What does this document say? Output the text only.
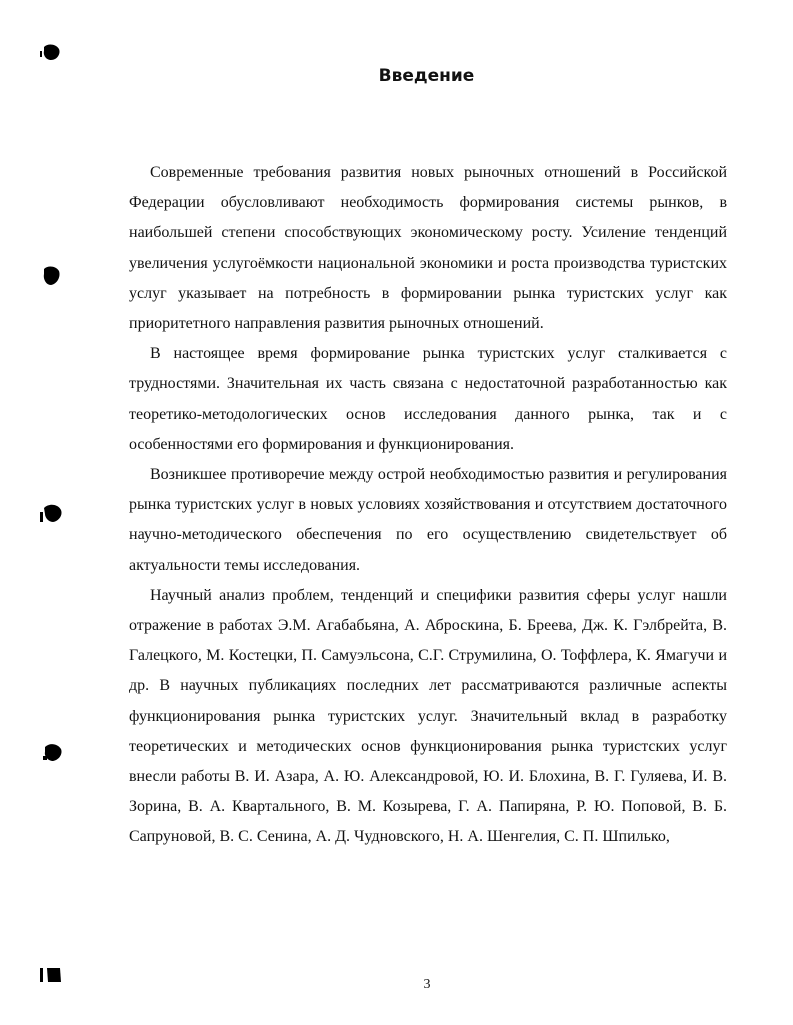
Введение

Современные требования развития новых рыночных отношений в Российской Федерации обусловливают необходимость формирования системы рынков, в наибольшей степени способствующих экономическому росту. Усиление тенденций увеличения услугоёмкости национальной экономики и роста производства туристских услуг указывает на потребность в формировании рынка туристских услуг как приоритетного направления развития рыночных отношений.

В настоящее время формирование рынка туристских услуг сталкивается с трудностями. Значительная их часть связана с недостаточной разработанностью как теоретико-методологических основ исследования данного рынка, так и с особенностями его формирования и функционирования.

Возникшее противоречие между острой необходимостью развития и регулирования рынка туристских услуг в новых условиях хозяйствования и отсутствием достаточного научно-методического обеспечения по его осуществлению свидетельствует об актуальности темы исследования.

Научный анализ проблем, тенденций и специфики развития сферы услуг нашли отражение в работах Э.М. Агабабьяна, А. Аброскина, Б. Бреева, Дж. К. Гэлбрейта, В. Галецкого, М. Костецки, П. Самуэльсона, С.Г. Струмилина, О. Тоффлера, К. Ямагучи и др. В научных публикациях последних лет рассматриваются различные аспекты функционирования рынка туристских услуг. Значительный вклад в разработку теоретических и методических основ функционирования рынка туристских услуг внесли работы В. И. Азара, А. Ю. Александровой, Ю. И. Блохина, В. Г. Гуляева, И. В. Зорина, В. А. Квартального, В. М. Козырева, Г. А. Папиряна, Р. Ю. Поповой, В. Б. Сапруновой, В. С. Сенина, А. Д. Чудновского, Н. А. Шенгелия, С. П. Шпилько,

3
